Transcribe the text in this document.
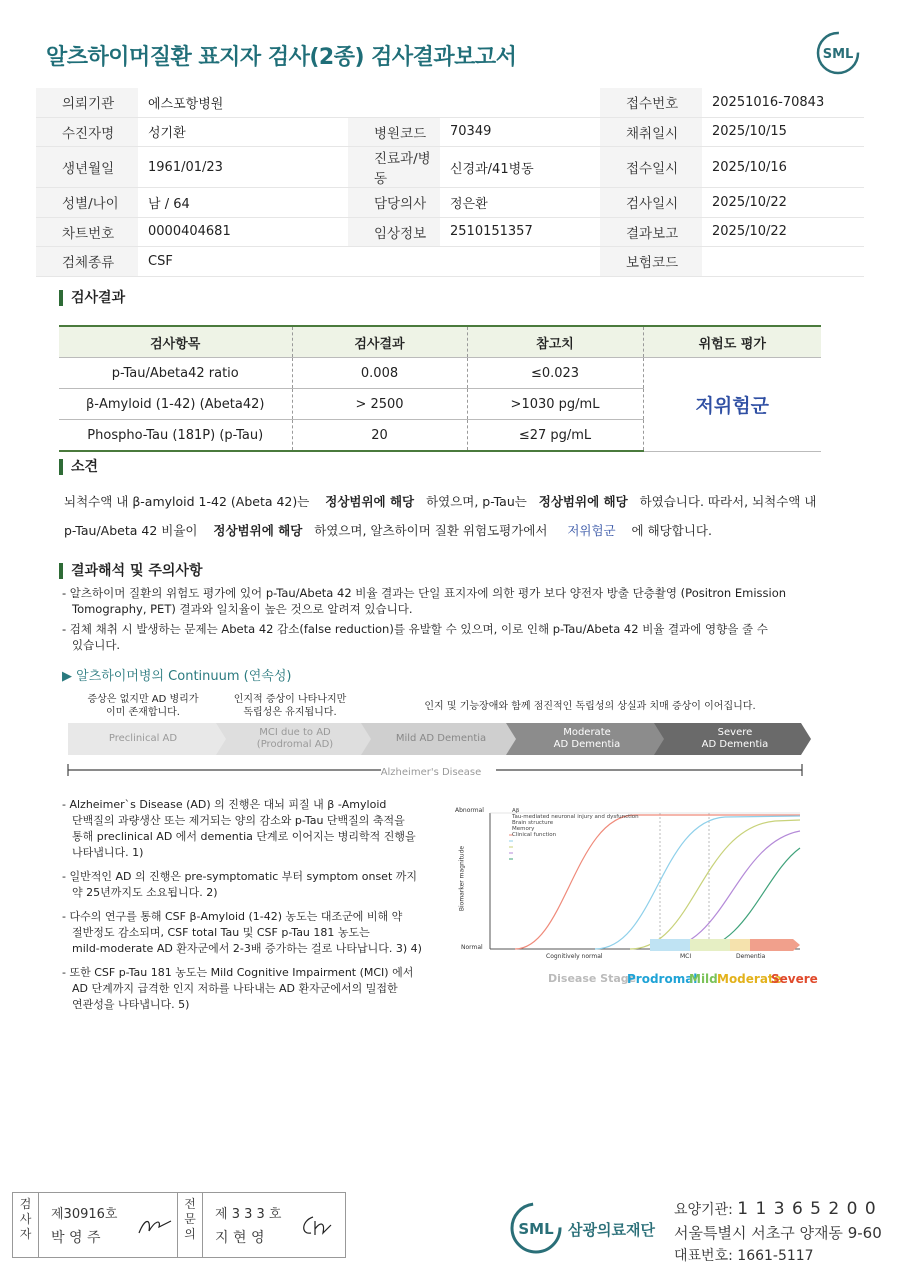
알츠하이머질환 표지자 검사(2종) 검사결과보고서	SML
의뢰기관	에스포항병원			접수번호	20251016-70843
수진자명	성기환	병원코드	70349	채취일시	2025/10/15
생년월일	1961/01/23	진료과/병동	신경과/41병동	접수일시	2025/10/16
성별/나이	남 / 64	담당의사	정은환	검사일시	2025/10/22
차트번호	0000404681	임상정보	2510151357	결과보고	2025/10/22
검체종류	CSF			보험코드	
검사결과
검사항목	검사결과	참고치	위험도 평가
p-Tau/Abeta42 ratio	0.008	≤0.023	저위험군
β-Amyloid (1-42) (Abeta42)	> 2500	>1030 pg/mL	
Phospho-Tau (181P) (p-Tau)	20	≤27 pg/mL	
소견
뇌척수액 내 β-amyloid 1-42 (Abeta 42)는 정상범위에 해당 하였으며, p-Tau는 정상범위에 해당 하였습니다. 따라서, 뇌척수액 내
p-Tau/Abeta 42 비율이 정상범위에 해당 하였으며, 알츠하이머 질환 위험도평가에서 저위험군 에 해당합니다.
결과해석 및 주의사항
- 알츠하이머 질환의 위험도 평가에 있어 p-Tau/Abeta 42 비율 결과는 단일 표지자에 의한 평가 보다 양전자 방출 단층촬영 (Positron Emission
Tomography, PET) 결과와 일치율이 높은 것으로 알려져 있습니다.
- 검체 채취 시 발생하는 문제는 Abeta 42 감소(false reduction)를 유발할 수 있으며, 이로 인해 p-Tau/Abeta 42 비율 결과에 영향을 줄 수
있습니다.
▶ 알츠하이머병의 Continuum (연속성)
증상은 없지만 AD 병리가
이미 존재합니다.
인지적 증상이 나타나지만
독립성은 유지됩니다.
인지 및 기능장애와 함께 점진적인 독립성의 상실과 치매 증상이 이어집니다.
Preclinical AD
MCI due to AD
(Prodromal AD)
Mild AD Dementia
Moderate
AD Dementia
Severe
AD Dementia
Alzheimer's Disease
- Alzheimer`s Disease (AD) 의 진행은 대뇌 피질 내 β -Amyloid
단백질의 과량생산 또는 제거되는 양의 감소와 p-Tau 단백질의 축적을
통해 preclinical AD 에서 dementia 단계로 이어지는 병리학적 진행을
나타냅니다. 1)
- 일반적인 AD 의 진행은 pre-symptomatic 부터 symptom onset 까지
약 25년까지도 소요됩니다. 2)
- 다수의 연구를 통해 CSF β-Amyloid (1-42) 농도는 대조군에 비해 약
절반정도 감소되며, CSF total Tau 및 CSF p-Tau 181 농도는
mild-moderate AD 환자군에서 2-3배 증가하는 걸로 나타납니다. 3) 4)
- 또한 CSF p-Tau 181 농도는 Mild Cognitive Impairment (MCI) 에서
AD 단계까지 급격한 인지 저하를 나타내는 AD 환자군에서의 밀접한
연관성을 나타냅니다. 5)
Abnormal
Normal
Biomarker magnitude
Aβ
Tau-mediated neuronal injury and dysfunction
Brain structure
Memory
Clinical function
Cognitively normal	MCI	Dementia
Disease Stage
Prodromal
Mild Moderate
Severe
검
사
자
제30916호
박 영 주
전
문
의
제 3 3 3 호
지 현 영	SML 삼광의료재단
요양기관: 1 1 3 6 5 2 0 0
서울특별시 서초구 양재동 9-60
대표번호: 1661-5117
